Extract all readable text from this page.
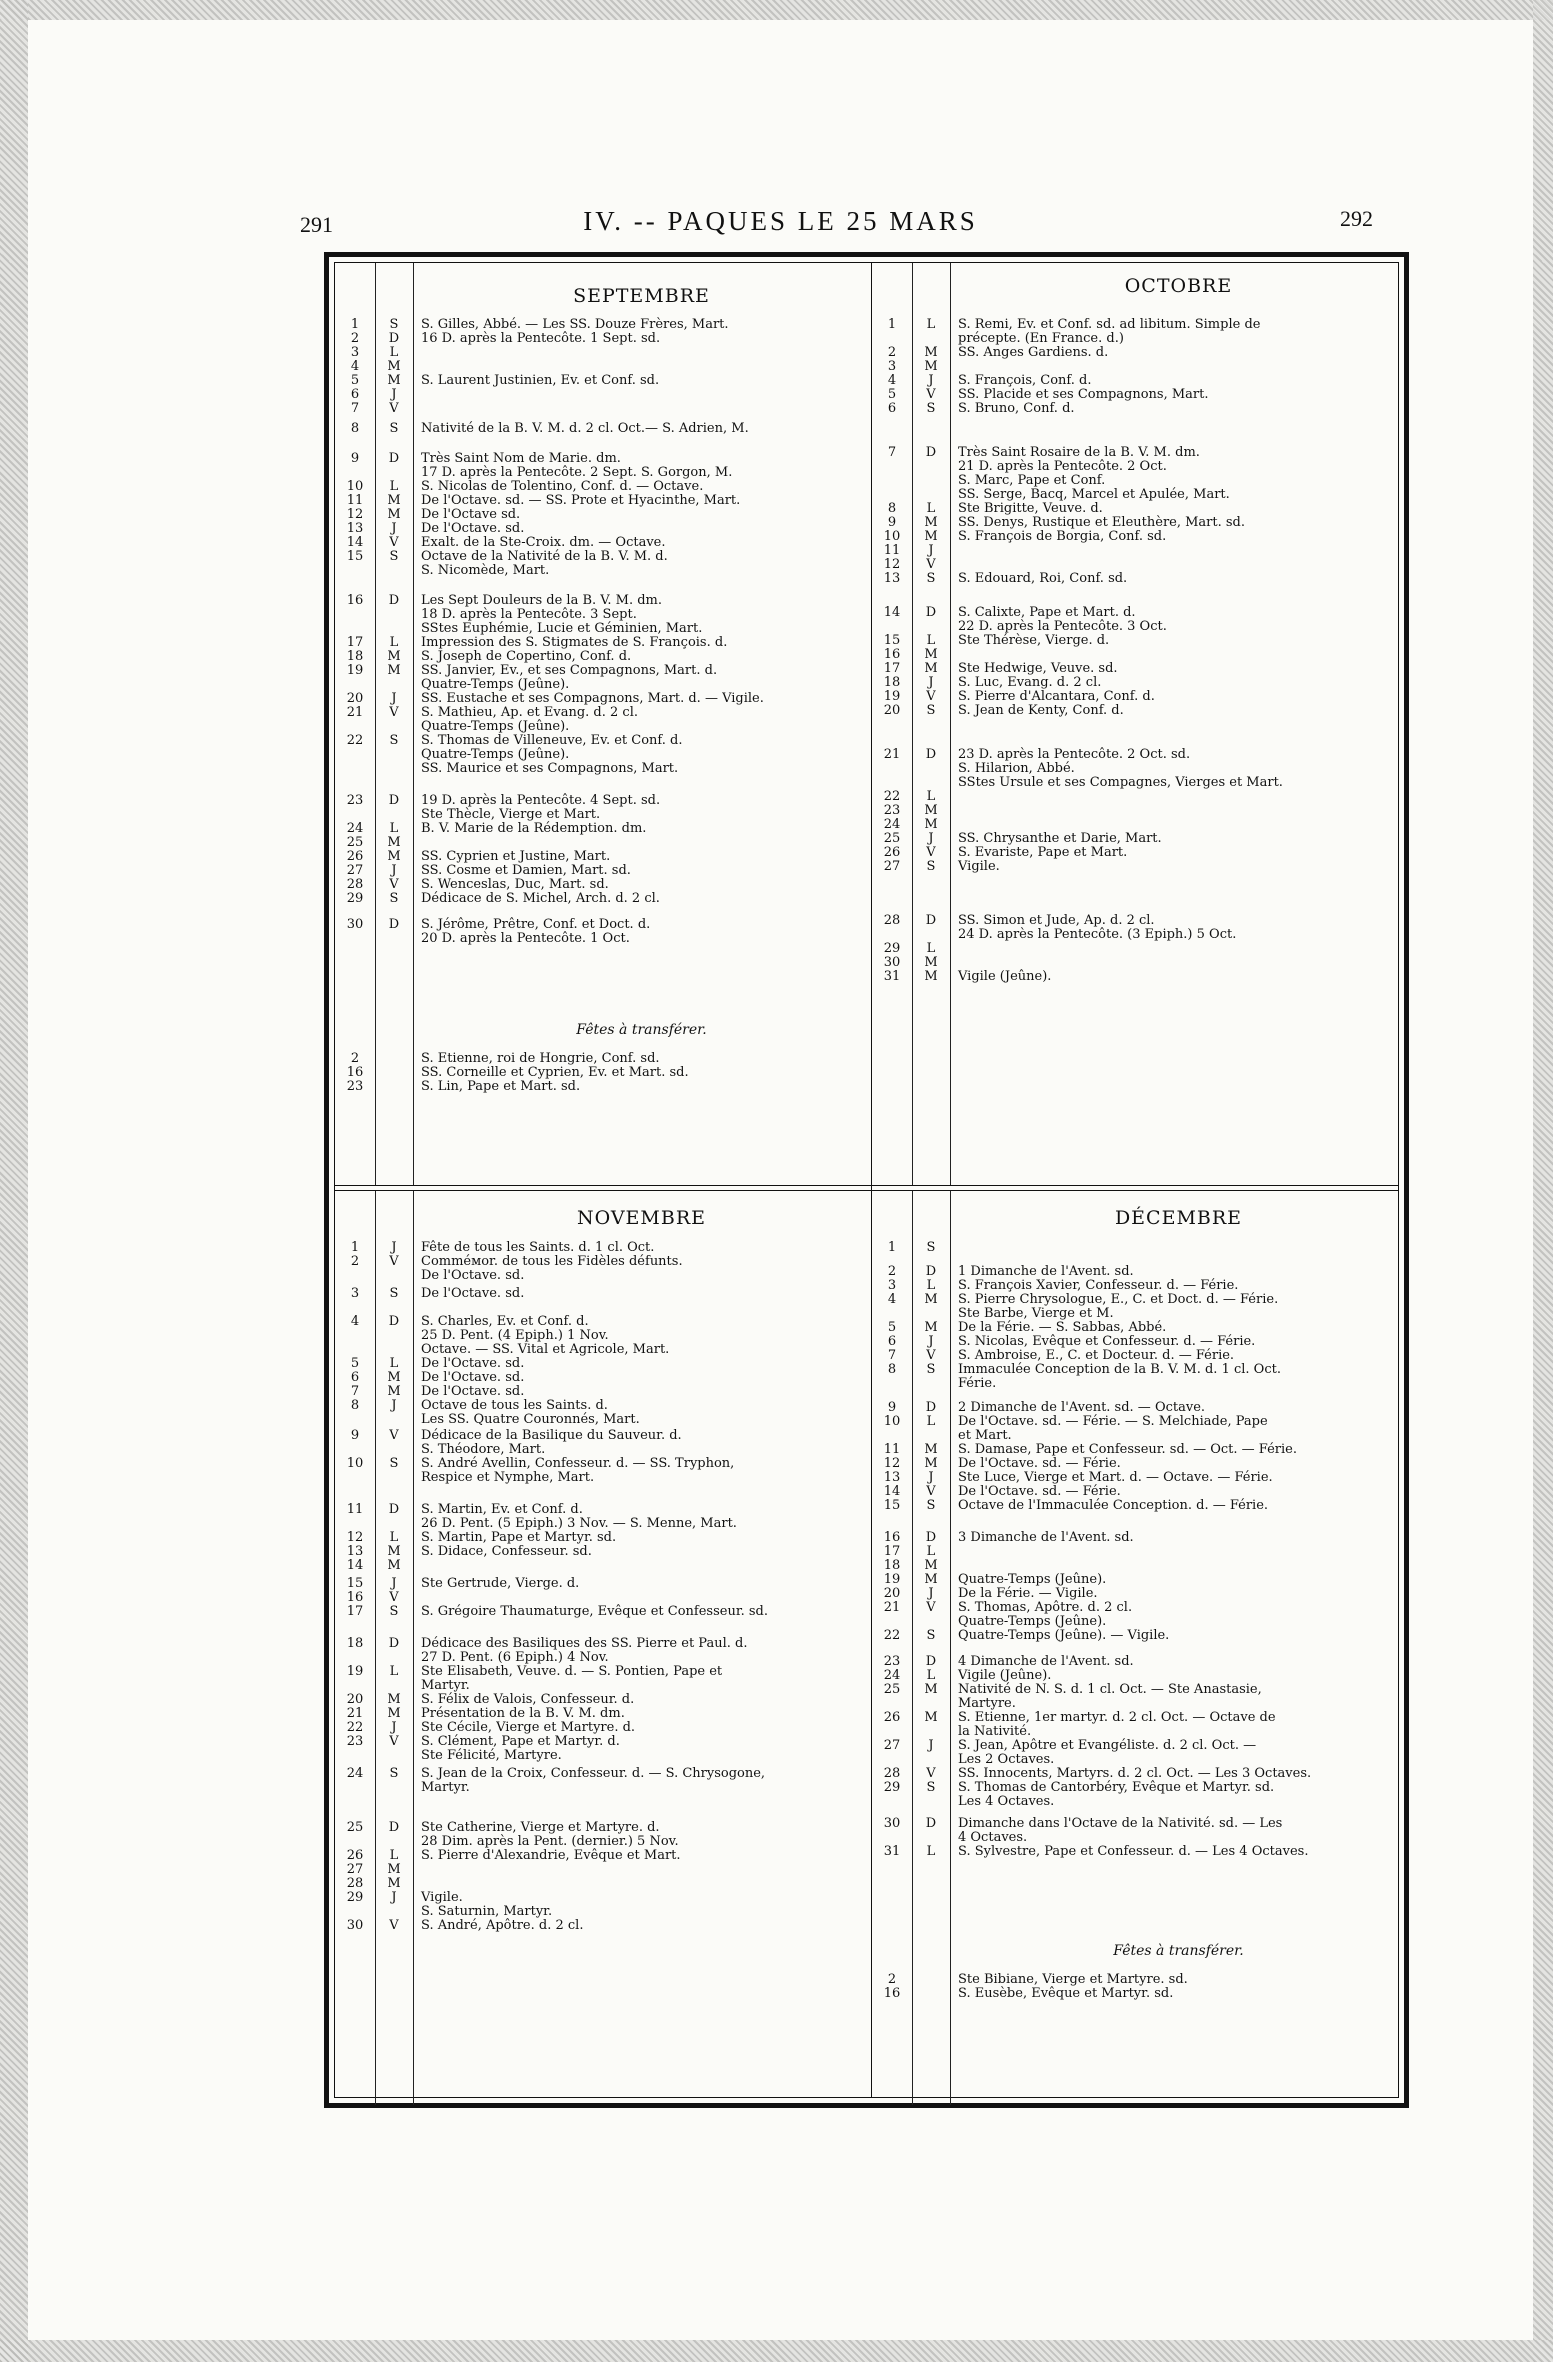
291	IV. -- PAQUES LE 25 MARS	292
SEPTEMBRE
1	S	S. Gilles, Abbé. — Les SS. Douze Frères, Mart.
2	D	16 D. après la Pentecôte. 1 Sept. sd.
3	L
4	M
5	M	S. Laurent Justinien, Ev. et Conf. sd.
6	J
7	V
8	S	Nativité de la B. V. M. d. 2 cl. Oct.— S. Adrien, M.
9	D	Très Saint Nom de Marie. dm.
17 D. après la Pentecôte. 2 Sept. S. Gorgon, M.
10	L	S. Nicolas de Tolentino, Conf. d. — Octave.
11	M	De l'Octave. sd. — SS. Prote et Hyacinthe, Mart.
12	M	De l'Octave sd.
13	J	De l'Octave. sd.
14	V	Exalt. de la Ste-Croix. dm. — Octave.
15	S	Octave de la Nativité de la B. V. M. d.
S. Nicomède, Mart.
16	D	Les Sept Douleurs de la B. V. M. dm.
18 D. après la Pentecôte. 3 Sept.
SStes Euphémie, Lucie et Géminien, Mart.
17	L	Impression des S. Stigmates de S. François. d.
18	M	S. Joseph de Copertino, Conf. d.
19	M	SS. Janvier, Ev., et ses Compagnons, Mart. d.
Quatre-Temps (Jeûne).
20	J	SS. Eustache et ses Compagnons, Mart. d. — Vigile.
21	V	S. Mathieu, Ap. et Evang. d. 2 cl.
Quatre-Temps (Jeûne).
22	S	S. Thomas de Villeneuve, Ev. et Conf. d.
Quatre-Temps (Jeûne).
SS. Maurice et ses Compagnons, Mart.
23	D	19 D. après la Pentecôte. 4 Sept. sd.
Ste Thècle, Vierge et Mart.
24	L	B. V. Marie de la Rédemption. dm.
25	M
26	M	SS. Cyprien et Justine, Mart.
27	J	SS. Cosme et Damien, Mart. sd.
28	V	S. Wenceslas, Duc, Mart. sd.
29	S	Dédicace de S. Michel, Arch. d. 2 cl.
30	D	S. Jérôme, Prêtre, Conf. et Doct. d.
20 D. après la Pentecôte. 1 Oct.
Fêtes à transférer.
2	S. Etienne, roi de Hongrie, Conf. sd.
16	SS. Corneille et Cyprien, Ev. et Mart. sd.
23	S. Lin, Pape et Mart. sd.
OCTOBRE
1	L	S. Remi, Ev. et Conf. sd. ad libitum. Simple de
précepte. (En France. d.)
2	M	SS. Anges Gardiens. d.
3	M
4	J	S. François, Conf. d.
5	V	SS. Placide et ses Compagnons, Mart.
6	S	S. Bruno, Conf. d.
7	D	Très Saint Rosaire de la B. V. M. dm.
21 D. après la Pentecôte. 2 Oct.
S. Marc, Pape et Conf.
SS. Serge, Bacq, Marcel et Apulée, Mart.
8	L	Ste Brigitte, Veuve. d.
9	M	SS. Denys, Rustique et Eleuthère, Mart. sd.
10	M	S. François de Borgia, Conf. sd.
11	J
12	V
13	S	S. Edouard, Roi, Conf. sd.
14	D	S. Calixte, Pape et Mart. d.
22 D. après la Pentecôte. 3 Oct.
15	L	Ste Thérèse, Vierge. d.
16	M
17	M	Ste Hedwige, Veuve. sd.
18	J	S. Luc, Evang. d. 2 cl.
19	V	S. Pierre d'Alcantara, Conf. d.
20	S	S. Jean de Kenty, Conf. d.
21	D	23 D. après la Pentecôte. 2 Oct. sd.
S. Hilarion, Abbé.
SStes Ursule et ses Compagnes, Vierges et Mart.
22	L
23	M
24	M
25	J	SS. Chrysanthe et Darie, Mart.
26	V	S. Evariste, Pape et Mart.
27	S	Vigile.
28	D	SS. Simon et Jude, Ap. d. 2 cl.
24 D. après la Pentecôte. (3 Epiph.) 5 Oct.
29	L
30	M
31	M	Vigile (Jeûne).
NOVEMBRE
1	J	Fête de tous les Saints. d. 1 cl. Oct.
2	V	Comméмor. de tous les Fidèles défunts.
De l'Octave. sd.
3	S	De l'Octave. sd.
4	D	S. Charles, Ev. et Conf. d.
25 D. Pent. (4 Epiph.) 1 Nov.
Octave. — SS. Vital et Agricole, Mart.
5	L	De l'Octave. sd.
6	M	De l'Octave. sd.
7	M	De l'Octave. sd.
8	J	Octave de tous les Saints. d.
Les SS. Quatre Couronnés, Mart.
9	V	Dédicace de la Basilique du Sauveur. d.
S. Théodore, Mart.
10	S	S. André Avellin, Confesseur. d. — SS. Tryphon,
Respice et Nymphe, Mart.
11	D	S. Martin, Ev. et Conf. d.
26 D. Pent. (5 Epiph.) 3 Nov. — S. Menne, Mart.
12	L	S. Martin, Pape et Martyr. sd.
13	M	S. Didace, Confesseur. sd.
14	M
15	J	Ste Gertrude, Vierge. d.
16	V
17	S	S. Grégoire Thaumaturge, Evêque et Confesseur. sd.
18	D	Dédicace des Basiliques des SS. Pierre et Paul. d.
27 D. Pent. (6 Epiph.) 4 Nov.
19	L	Ste Elisabeth, Veuve. d. — S. Pontien, Pape et
Martyr.
20	M	S. Félix de Valois, Confesseur. d.
21	M	Présentation de la B. V. M. dm.
22	J	Ste Cécile, Vierge et Martyre. d.
23	V	S. Clément, Pape et Martyr. d.
Ste Félicité, Martyre.
24	S	S. Jean de la Croix, Confesseur. d. — S. Chrysogone,
Martyr.
25	D	Ste Catherine, Vierge et Martyre. d.
28 Dim. après la Pent. (dernier.) 5 Nov.
26	L	S. Pierre d'Alexandrie, Evêque et Mart.
27	M
28	M
29	J	Vigile.
S. Saturnin, Martyr.
30	V	S. André, Apôtre. d. 2 cl.
DÉCEMBRE
1	S
2	D	1 Dimanche de l'Avent. sd.
3	L	S. François Xavier, Confesseur. d. — Férie.
4	M	S. Pierre Chrysologue, E., C. et Doct. d. — Férie.
Ste Barbe, Vierge et M.
5	M	De la Férie. — S. Sabbas, Abbé.
6	J	S. Nicolas, Evêque et Confesseur. d. — Férie.
7	V	S. Ambroise, E., C. et Docteur. d. — Férie.
8	S	Immaculée Conception de la B. V. M. d. 1 cl. Oct.
Férie.
9	D	2 Dimanche de l'Avent. sd. — Octave.
10	L	De l'Octave. sd. — Férie. — S. Melchiade, Pape
et Mart.
11	M	S. Damase, Pape et Confesseur. sd. — Oct. — Férie.
12	M	De l'Octave. sd. — Férie.
13	J	Ste Luce, Vierge et Mart. d. — Octave. — Férie.
14	V	De l'Octave. sd. — Férie.
15	S	Octave de l'Immaculée Conception. d. — Férie.
16	D	3 Dimanche de l'Avent. sd.
17	L
18	M
19	M	Quatre-Temps (Jeûne).
20	J	De la Férie. — Vigile.
21	V	S. Thomas, Apôtre. d. 2 cl.
Quatre-Temps (Jeûne).
22	S	Quatre-Temps (Jeûne). — Vigile.
23	D	4 Dimanche de l'Avent. sd.
24	L	Vigile (Jeûne).
25	M	Nativité de N. S. d. 1 cl. Oct. — Ste Anastasie,
Martyre.
26	M	S. Etienne, 1er martyr. d. 2 cl. Oct. — Octave de
la Nativité.
27	J	S. Jean, Apôtre et Evangéliste. d. 2 cl. Oct. —
Les 2 Octaves.
28	V	SS. Innocents, Martyrs. d. 2 cl. Oct. — Les 3 Octaves.
29	S	S. Thomas de Cantorbéry, Evêque et Martyr. sd.
Les 4 Octaves.
30	D	Dimanche dans l'Octave de la Nativité. sd. — Les
4 Octaves.
31	L	S. Sylvestre, Pape et Confesseur. d. — Les 4 Octaves.
Fêtes à transférer.
2	Ste Bibiane, Vierge et Martyre. sd.
16	S. Eusèbe, Evêque et Martyr. sd.
